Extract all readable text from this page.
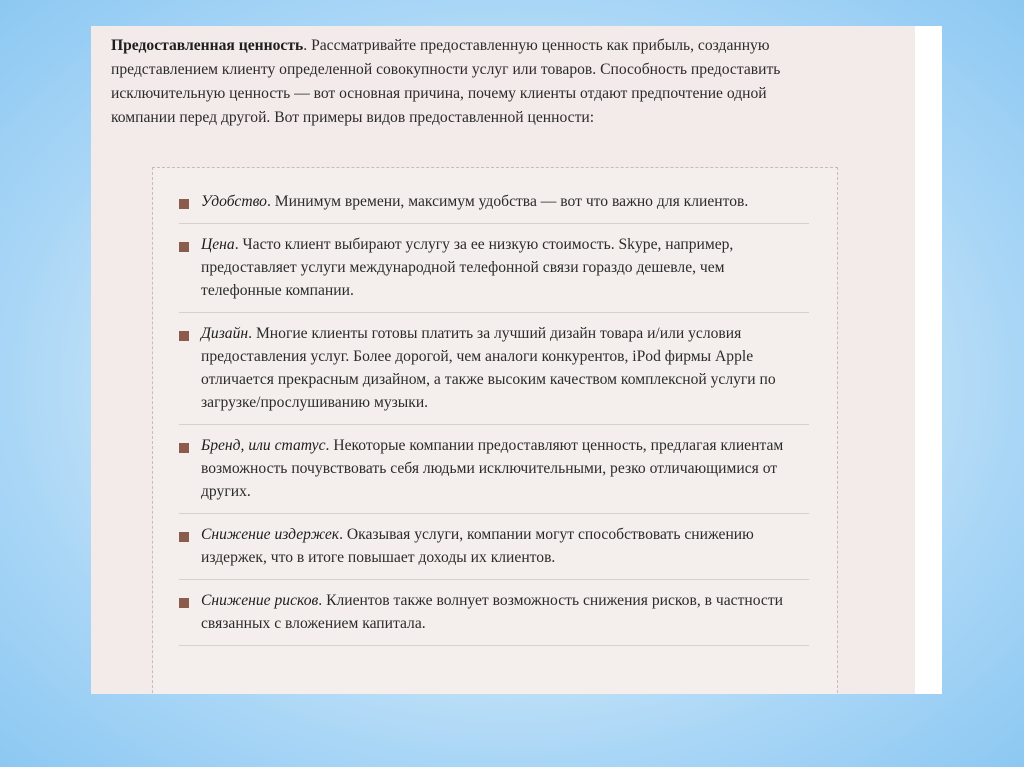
Предоставленная ценность. Рассматривайте предоставленную ценность как прибыль, созданную представлением клиенту определенной совокупности услуг или товаров. Способность предоставить исключительную ценность — вот основная причина, почему клиенты отдают предпочтение одной компании перед другой. Вот примеры видов предоставленной ценности:

Удобство. Минимум времени, максимум удобства — вот что важно для клиентов.
Цена. Часто клиент выбирают услугу за ее низкую стоимость. Skype, например, предоставляет услуги международной телефонной связи гораздо дешевле, чем телефонные компании.
Дизайн. Многие клиенты готовы платить за лучший дизайн товара и/или условия предоставления услуг. Более дорогой, чем аналоги конкурентов, iPod фирмы Apple отличается прекрасным дизайном, а также высоким качеством комплексной услуги по загрузке/прослушиванию музыки.
Бренд, или статус. Некоторые компании предоставляют ценность, предлагая клиентам возможность почувствовать себя людьми исключительными, резко отличающимися от других.
Снижение издержек. Оказывая услуги, компании могут способствовать снижению издержек, что в итоге повышает доходы их клиентов.
Снижение рисков. Клиентов также волнует возможность снижения рисков, в частности связанных с вложением капитала.
